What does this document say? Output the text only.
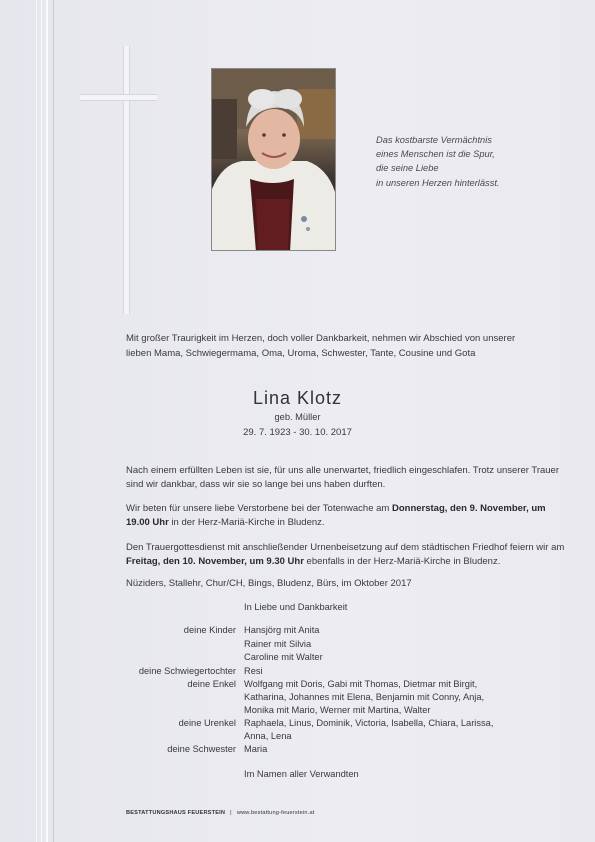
Das kostbarste Vermächtnis
eines Menschen ist die Spur,
die seine Liebe
in unseren Herzen hinterlässt.
Mit großer Traurigkeit im Herzen, doch voller Dankbarkeit, nehmen wir Abschied von unserer
lieben Mama, Schwiegermama, Oma, Uroma, Schwester, Tante, Cousine und Gota
Lina Klotz
geb. Müller
29. 7. 1923 - 30. 10. 2017
Nach einem erfüllten Leben ist sie, für uns alle unerwartet, friedlich eingeschlafen. Trotz unserer Trauer sind wir dankbar, dass wir sie so lange bei uns haben durften.
Wir beten für unsere liebe Verstorbene bei der Totenwache am Donnerstag, den 9. November, um 19.00 Uhr in der Herz-Mariä-Kirche in Bludenz.
Den Trauergottesdienst mit anschließender Urnenbeisetzung auf dem städtischen Friedhof feiern wir am Freitag, den 10. November, um 9.30 Uhr ebenfalls in der Herz-Mariä-Kirche in Bludenz.
Nüziders, Stallehr, Chur/CH, Bings, Bludenz, Bürs, im Oktober 2017
In Liebe und Dankbarkeit
deine Kinder Hansjörg mit Anita
Rainer mit Silvia
Caroline mit Walter
deine Schwiegertochter Resi
deine Enkel Wolfgang mit Doris, Gabi mit Thomas, Dietmar mit Birgit,
Katharina, Johannes mit Elena, Benjamin mit Conny, Anja,
Monika mit Mario, Werner mit Martina, Walter
deine Urenkel Raphaela, Linus, Dominik, Victoria, Isabella, Chiara, Larissa,
Anna, Lena
deine Schwester Maria
Im Namen aller Verwandten
BESTATTUNGSHAUS FEUERSTEIN | www.bestattung-feuerstein.at
